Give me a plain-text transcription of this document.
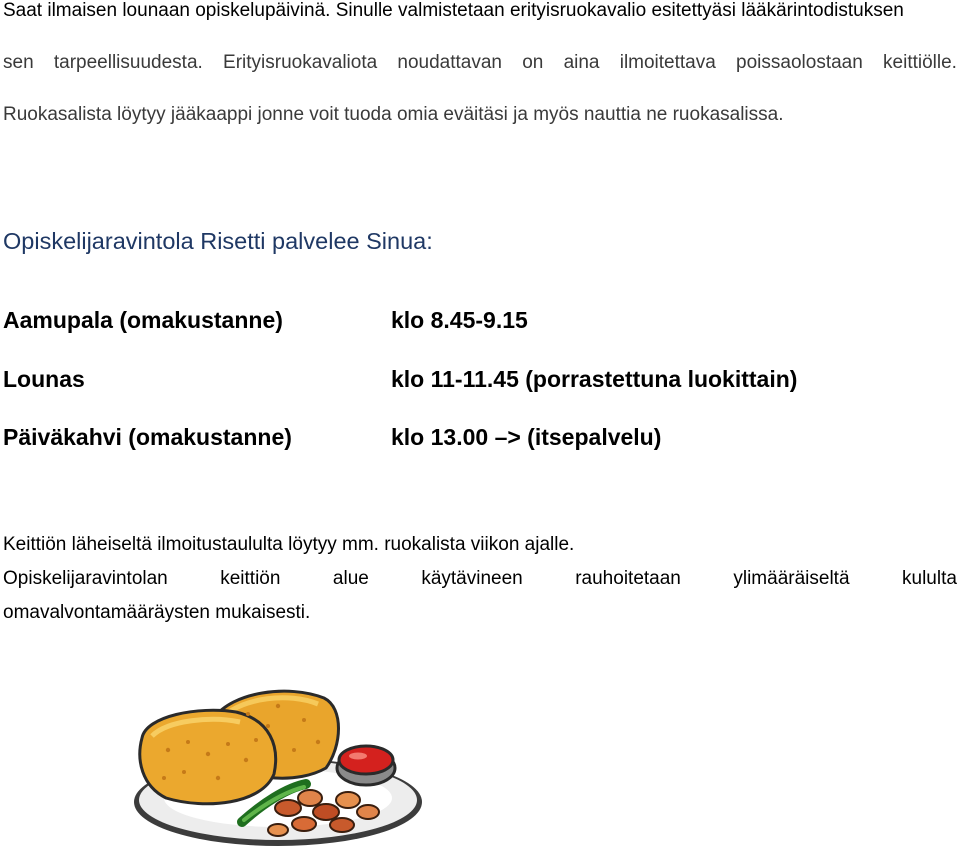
Saat ilmaisen lounaan opiskelupäivinä. Sinulle valmistetaan erityisruokavalio esitettyäsi lääkärintodistuksen
sen tarpeellisuudesta. Erityisruokavaliota noudattavan on aina ilmoitettava poissaolostaan keittiölle.
Ruokasalista löytyy jääkaappi jonne voit tuoda omia eväitäsi ja myös nauttia ne ruokasalissa.
Opiskelijaravintola Risetti palvelee Sinua:
Aamupala (omakustanne)	klo 8.45-9.15
Lounas	klo 11-11.45 (porrastettuna luokittain)
Päiväkahvi (omakustanne)	klo 13.00 –> (itsepalvelu)
Keittiön läheiseltä ilmoitustaululta löytyy mm. ruokalista viikon ajalle.
Opiskelijaravintolan	keittiön	alue	käytävineen	rauhoitetaan	ylimääräiseltä	kululta
omavalvontamääräysten mukaisesti.
